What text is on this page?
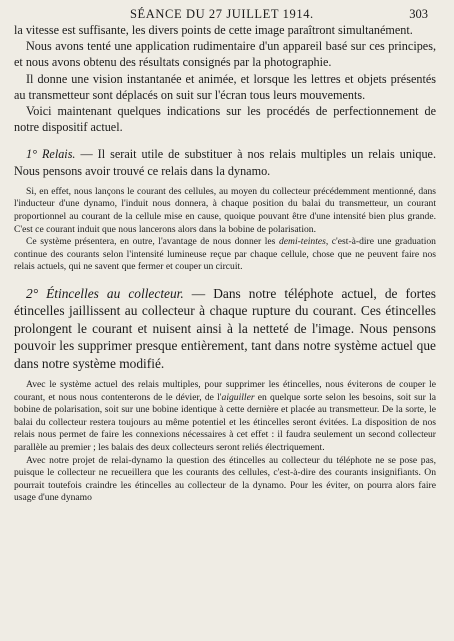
SÉANCE DU 27 JUILLET 1914.	303

la vitesse est suffisante, les divers points de cette image paraîtront simultanément.

Nous avons tenté une application rudimentaire d'un appareil basé sur ces principes, et nous avons obtenu des résultats consignés par la photographie.

Il donne une vision instantanée et animée, et lorsque les lettres et objets présentés au transmetteur sont déplacés on suit sur l'écran tous leurs mouvements.

Voici maintenant quelques indications sur les procédés de perfectionnement de notre dispositif actuel.

1° Relais. — Il serait utile de substituer à nos relais multiples un relais unique. Nous pensons avoir trouvé ce relais dans la dynamo.

Si, en effet, nous lançons le courant des cellules, au moyen du collecteur précédemment mentionné, dans l'inducteur d'une dynamo, l'induit nous donnera, à chaque position du balai du transmetteur, un courant proportionnel au courant de la cellule mise en cause, quoique pouvant être d'une intensité bien plus grande. C'est ce courant induit que nous lancerons alors dans la bobine de polarisation.

Ce système présentera, en outre, l'avantage de nous donner les demi-teintes, c'est-à-dire une graduation continue des courants selon l'intensité lumineuse reçue par chaque cellule, chose que ne peuvent faire nos relais actuels, qui ne savent que fermer et couper un circuit.

2° Étincelles au collecteur. — Dans notre téléphote actuel, de fortes étincelles jaillissent au collecteur à chaque rupture du courant. Ces étincelles prolongent le courant et nuisent ainsi à la netteté de l'image. Nous pensons pouvoir les supprimer presque entièrement, tant dans notre système actuel que dans notre système modifié.

Avec le système actuel des relais multiples, pour supprimer les étincelles, nous éviterons de couper le courant, et nous nous contenterons de le dévier, de l'aiguiller en quelque sorte selon les besoins, soit sur la bobine de polarisation, soit sur une bobine identique à cette dernière et placée au transmetteur. De la sorte, le balai du collecteur restera toujours au même potentiel et les étincelles seront évitées. La disposition de nos relais nous permet de faire les connexions nécessaires à cet effet : il faudra seulement un second collecteur parallèle au premier ; les balais des deux collecteurs seront reliés électriquement.

Avec notre projet de relai-dynamo la question des étincelles au collecteur du téléphote ne se pose pas, puisque le collecteur ne recueillera que les courants des cellules, c'est-à-dire des courants insignifiants. On pourrait toutefois craindre les étincelles au collecteur de la dynamo. Pour les éviter, on pourra alors faire usage d'une dynamo
